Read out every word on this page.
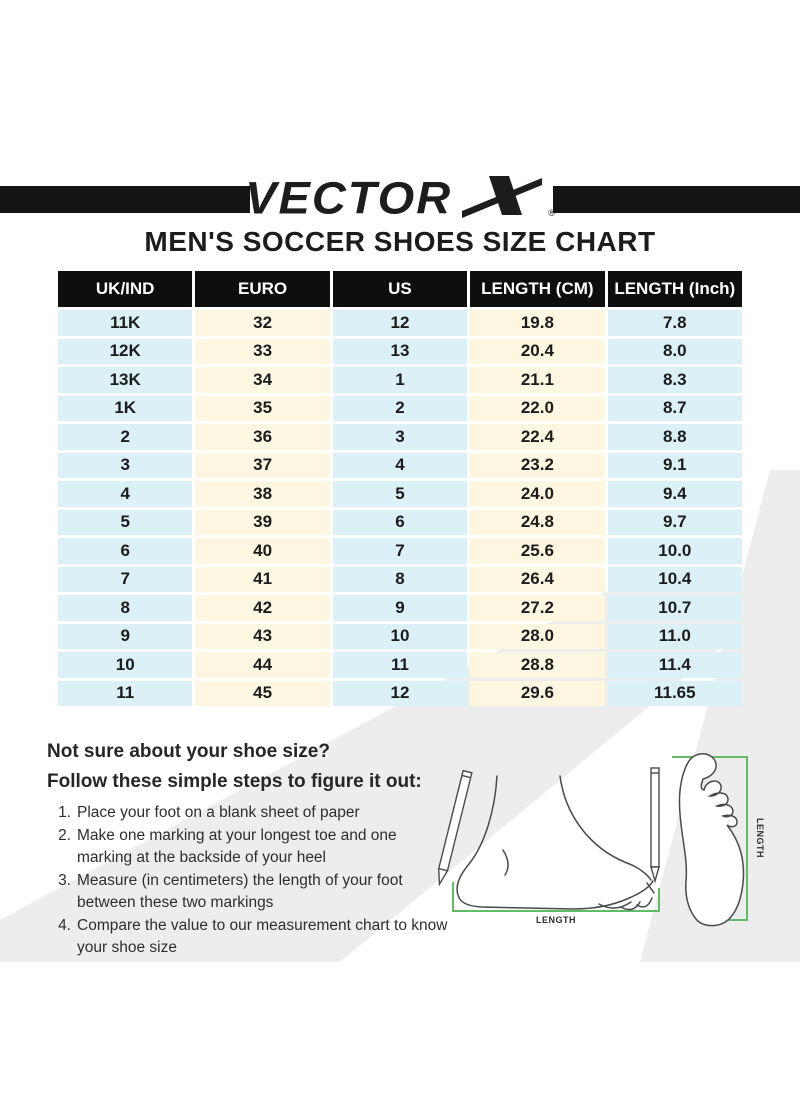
VECTOR	®
MEN'S SOCCER SHOES SIZE CHART
UK/IND	EURO	US	LENGTH (CM)	LENGTH (Inch)
11K	32	12	19.8	7.8
12K	33	13	20.4	8.0
13K	34	1	21.1	8.3
1K	35	2	22.0	8.7
2	36	3	22.4	8.8
3	37	4	23.2	9.1
4	38	5	24.0	9.4
5	39	6	24.8	9.7
6	40	7	25.6	10.0
7	41	8	26.4	10.4
8	42	9	27.2	10.7
9	43	10	28.0	11.0
10	44	11	28.8	11.4
11	45	12	29.6	11.65
Not sure about your shoe size?
Follow these simple steps to figure it out:
1. Place your foot on a blank sheet of paper
2. Make one marking at your longest toe and one marking at the backside of your heel
3. Measure (in centimeters) the length of your foot between these two markings
4. Compare the value to our measurement chart to know your shoe size
LENGTH
LENGTH
